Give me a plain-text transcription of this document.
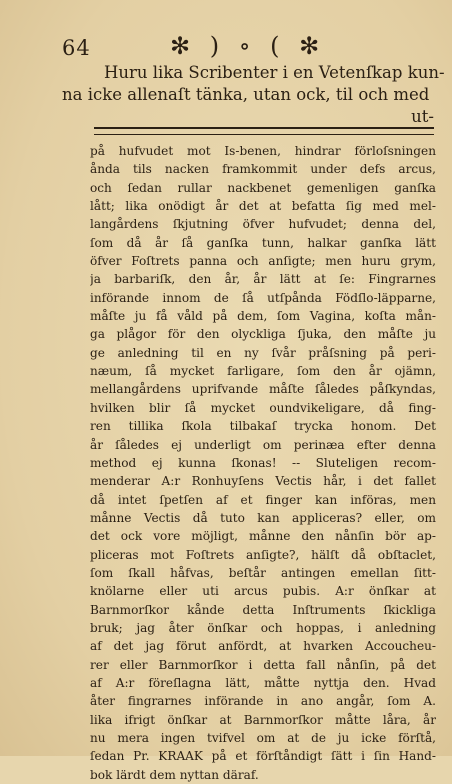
64	✻ ) ∘ ( ✻
Huru lika Scribenter i en Vetenſkap kun-
na icke allenaſt tänka, utan ock, til och med
ut-
på hufvudet mot Is-benen, hindrar förloſsningen
ånda tils nacken framkommit under defs arcus,
och ſedan rullar nackbenet gemenligen ganſka
lått; lika onödigt år det at befatta ſig med mel-
langårdens ſkjutning öfver hufvudet; denna del,
ſom då år ſå ganſka tunn, halkar ganſka lätt
öfver Foſtrets panna och anſigte; men huru grym,
ja barbariſk, den år, år lätt at ſe: Fingrarnes
införande innom de ſå utſpånda Födſlo-läpparne,
måſte ju få våld på dem, ſom Vagina, koſta mån-
ga plågor för den olyckliga ſjuka, den måſte ju
ge anledning til en ny ſvår pråſsning på peri-
næum, ſå mycket farligare, ſom den år ojämn,
mellangårdens uprifvande måſte ſåledes påſkyndas,
hvilken blir ſå mycket oundvikeligare, då fing-
ren tillika ſkola tilbakaſ trycka honom. Det
år ſåledes ej underligt om perinæa efter denna
method ej kunna ſkonas! -- Sluteligen recom-
menderar A:r Ronhuyſens Vectis hår, i det fallet
då intet ſpetſen af et finger kan införas, men
månne Vectis då tuto kan appliceras? eller, om
det ock vore möjligt, månne den nånſin bör ap-
pliceras mot Foſtrets anſigte?, hälſt då obſtaclet,
ſom ſkall håfvas, beſtår antingen emellan ſitt-
knölarne eller uti arcus pubis. A:r önſkar at
Barnmorſkor kånde detta Inſtruments ſkickliga
bruk; jag åter önſkar och hoppas, i anledning
af det jag förut anfördt, at hvarken Accoucheu-
rer eller Barnmorſkor i detta fall nånſin, på det
af A:r föreſlagna lätt, måtte nyttja den. Hvad
åter fingrarnes införande in ano angår, ſom A.
lika ifrigt önſkar at Barnmorſkor måtte låra, år
nu mera ingen tvifvel om at de ju icke förſtå,
ſedan Pr. KRAAK på et förſtåndigt ſätt i ſin Hand-
bok lärdt dem nyttan däraf.
